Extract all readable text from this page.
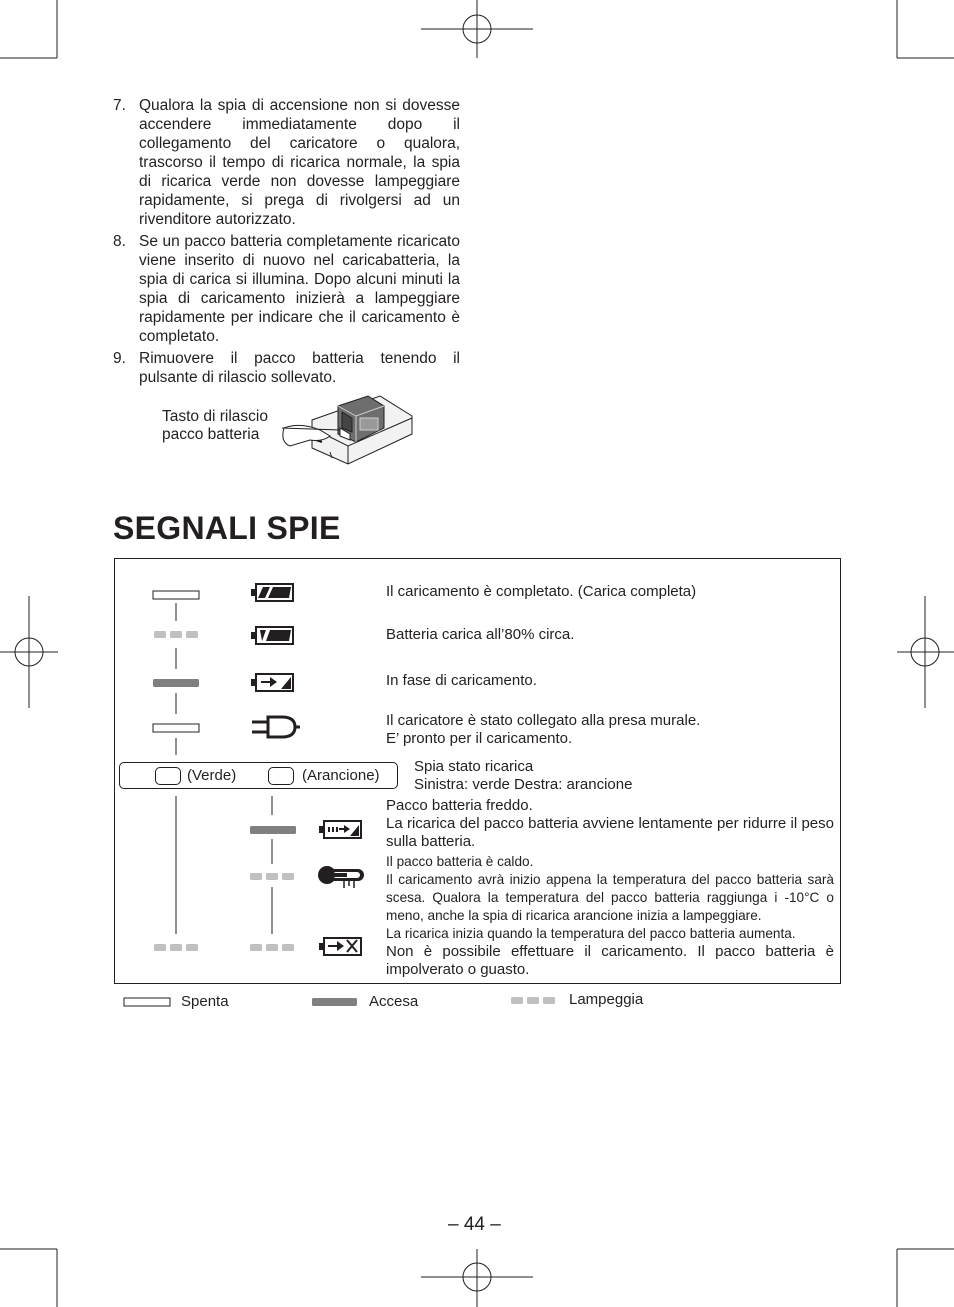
7. Qualora la spia di accensione non si dovesse accendere immediatamente dopo il collegamento del caricatore o qualora, trascorso il tempo di ricarica normale, la spia di ricarica verde non dovesse lampeggiare rapidamente, si prega di rivolgersi ad un rivenditore autorizzato.
8. Se un pacco batteria completamente ricaricato viene inserito di nuovo nel caricabatteria, la spia di carica si illumina. Dopo alcuni minuti la spia di caricamento inizierà a lampeggiare rapidamente per indicare che il caricamento è completato.
9. Rimuovere il pacco batteria tenendo il pulsante di rilascio sollevato.
Tasto di rilascio
pacco batteria
SEGNALI SPIE
Il caricamento è completato. (Carica completa)
Batteria carica all’80% circa.
In fase di caricamento.
Il caricatore è stato collegato alla presa murale.
E’ pronto per il caricamento.
(Verde)	(Arancione)
Spia stato ricarica
Sinistra: verde Destra: arancione
Pacco batteria freddo.
La ricarica del pacco batteria avviene lentamente per ridurre il peso sulla batteria.
Il pacco batteria è caldo.
Il caricamento avrà inizio appena la temperatura del pacco batteria sarà scesa. Qualora la temperatura del pacco batteria raggiunga i -10°C o meno, anche la spia di ricarica arancione inizia a lampeggiare.
La ricarica inizia quando la temperatura del pacco batteria aumenta.
Non è possibile effettuare il caricamento. Il pacco batteria è impolverato o guasto.
Spenta	Accesa	Lampeggia
– 44 –
